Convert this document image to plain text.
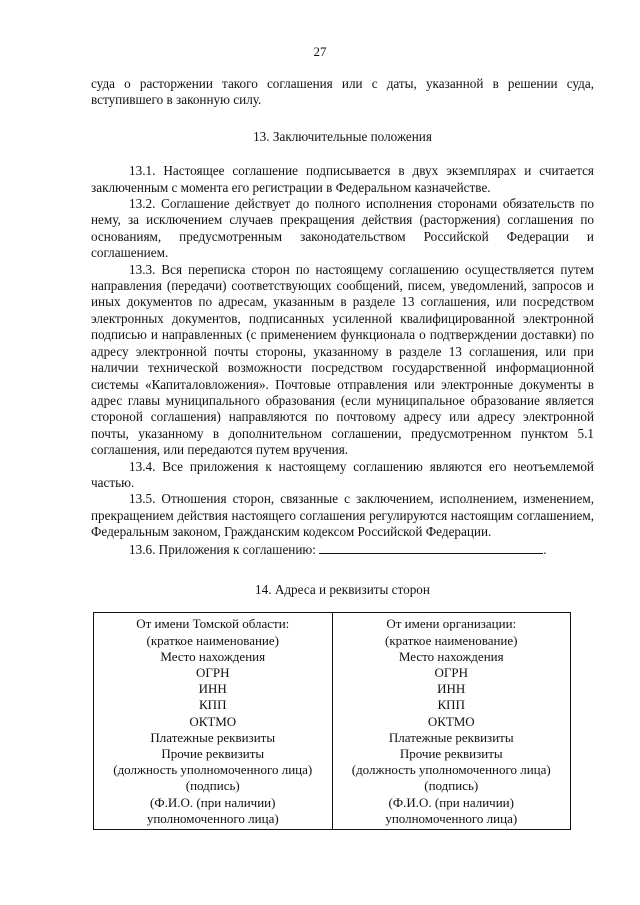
27

суда о расторжении такого соглашения или с даты, указанной в решении суда, вступившего в законную силу.

13. Заключительные положения

13.1. Настоящее соглашение подписывается в двух экземплярах и считается заключенным с момента его регистрации в Федеральном казначействе.

13.2. Соглашение действует до полного исполнения сторонами обязательств по нему, за исключением случаев прекращения действия (расторжения) соглашения по основаниям, предусмотренным законодательством Российской Федерации и соглашением.

13.3. Вся переписка сторон по настоящему соглашению осуществляется путем направления (передачи) соответствующих сообщений, писем, уведомлений, запросов и иных документов по адресам, указанным в разделе 13 соглашения, или посредством электронных документов, подписанных усиленной квалифицированной электронной подписью и направленных (с применением функционала о подтверждении доставки) по адресу электронной почты стороны, указанному в разделе 13 соглашения, или при наличии технической возможности посредством государственной информационной системы «Капиталовложения». Почтовые отправления или электронные документы в адрес главы муниципального образования (если муниципальное образование является стороной соглашения) направляются по почтовому адресу или адресу электронной почты, указанному в дополнительном соглашении, предусмотренном пунктом 5.1 соглашения, или передаются путем вручения.

13.4. Все приложения к настоящему соглашению являются его неотъемлемой частью.

13.5. Отношения сторон, связанные с заключением, исполнением, изменением, прекращением действия настоящего соглашения регулируются настоящим соглашением, Федеральным законом, Гражданским кодексом Российской Федерации.

13.6. Приложения к соглашению:	.

14. Адреса и реквизиты сторон

От имени Томской области:
(краткое наименование)
Место нахождения
ОГРН
ИНН
КПП
ОКТМО
Платежные реквизиты
Прочие реквизиты
(должность уполномоченного лица)
(подпись)
(Ф.И.О. (при наличии)
уполномоченного лица)

От имени организации:
(краткое наименование)
Место нахождения
ОГРН
ИНН
КПП
ОКТМО
Платежные реквизиты
Прочие реквизиты
(должность уполномоченного лица)
(подпись)
(Ф.И.О. (при наличии)
уполномоченного лица)
